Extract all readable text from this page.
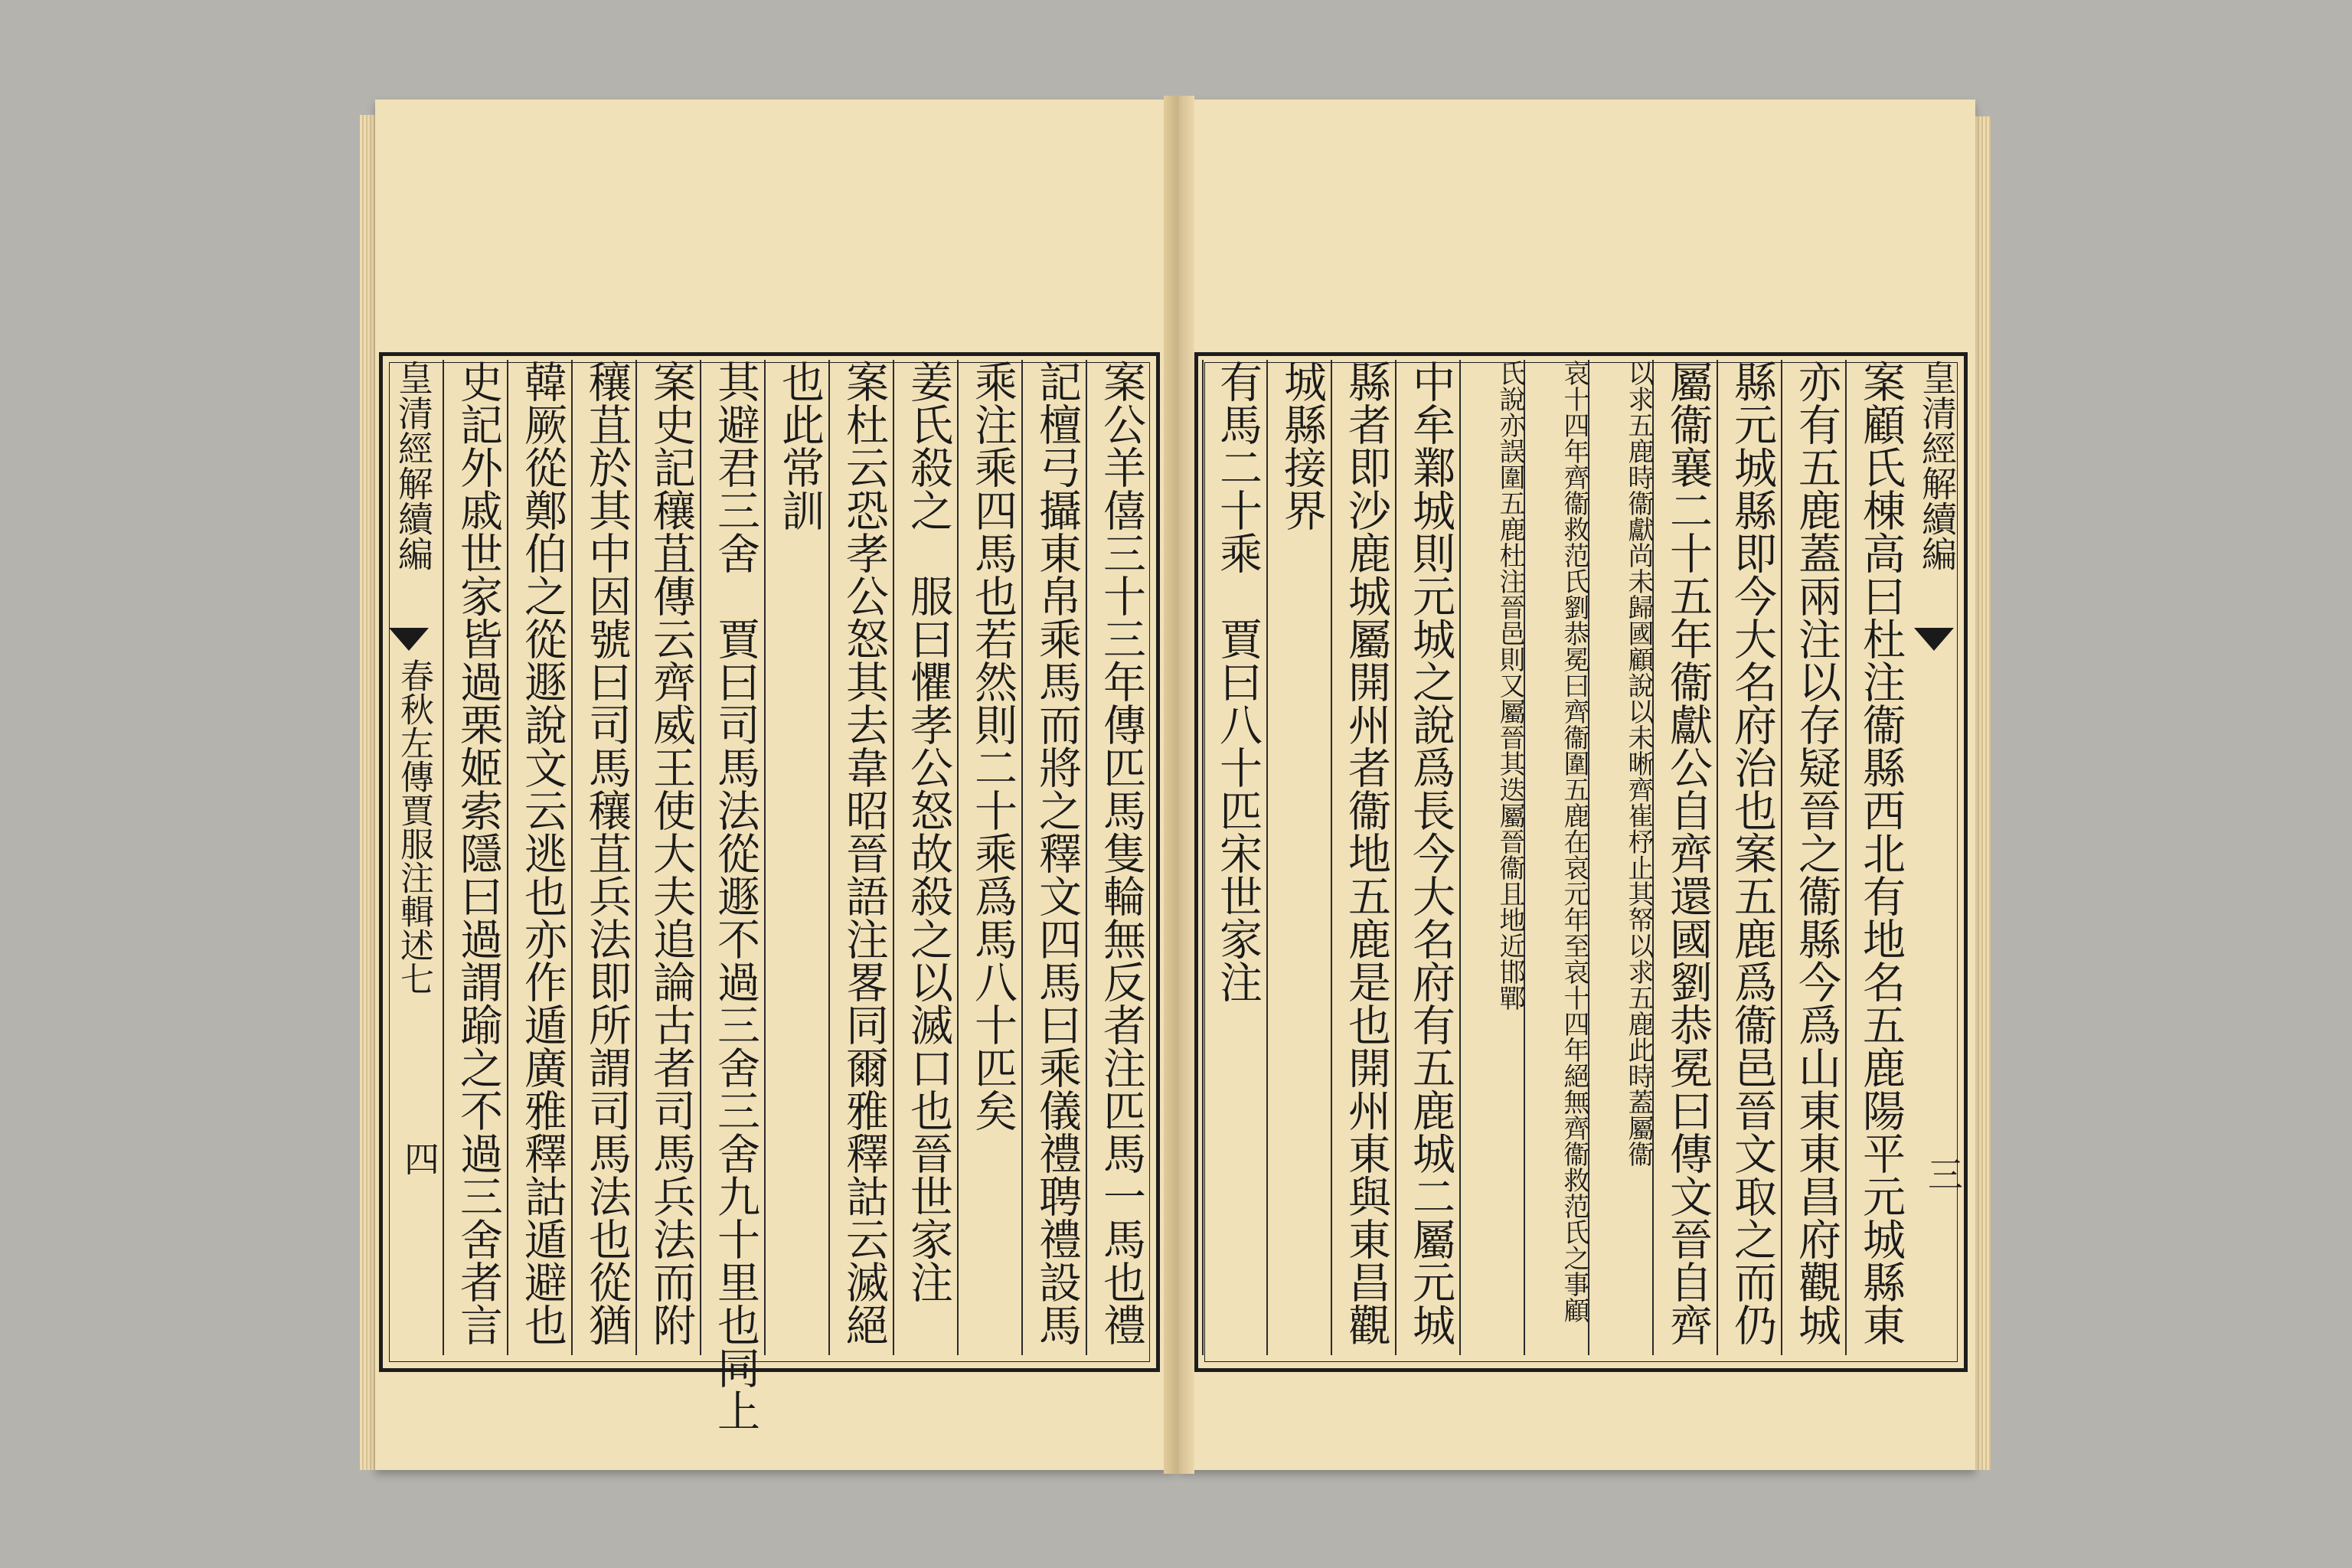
皇清經解續編
春秋左傳賈服注輯述七
四	案公羊僖三十三年傳匹馬隻輪無反者注匹馬一馬也禮
記檀弓攝東帛乘馬而將之釋文四馬曰乘儀禮聘禮設馬
乘注乘四馬也若然則二十乘爲馬八十匹矣
姜氏殺之　服曰懼孝公怒故殺之以滅口也晉世家注
案杜云恐孝公怒其去韋昭晉語注畧同爾雅釋詁云滅絕
也此常訓
其避君三舍　賈曰司馬法從遯不過三舍三舍九十里也同上
案史記穰苴傳云齊威王使大夫追論古者司馬兵法而附
穰苴於其中因號曰司馬穰苴兵法即所謂司馬法也從猶
韓厥從鄭伯之從遯說文云逃也亦作遁廣雅釋詁遁避也
史記外戚世家皆過栗姬索隱曰過謂踰之不過三舍者言	皇清經解續編
三
案顧氏棟高曰杜注衞縣西北有地名五鹿陽平元城縣東
亦有五鹿蓋兩注以存疑晉之衞縣今爲山東東昌府觀城
縣元城縣即今大名府治也案五鹿爲衞邑晉文取之而仍
屬衞襄二十五年衞獻公自齊還國劉恭冕曰傳文晉自齊
以求五鹿時衞獻尚未歸國顧說以未晰齊崔杼止其帑以求五鹿此時蓋屬衞
哀十四年齊衞救范氏劉恭冕曰齊衞圍五鹿在哀元年至哀十四年絕無齊衞救范氏之事顧
氏說亦誤圍五鹿杜注晉邑則又屬晉其迭屬晉衞且地近邯鄲
中牟鄴城則元城之說爲長今大名府有五鹿城二屬元城
縣者即沙鹿城屬開州者衞地五鹿是也開州東與東昌觀
城縣接界
有馬二十乘　賈曰八十匹宋世家注
